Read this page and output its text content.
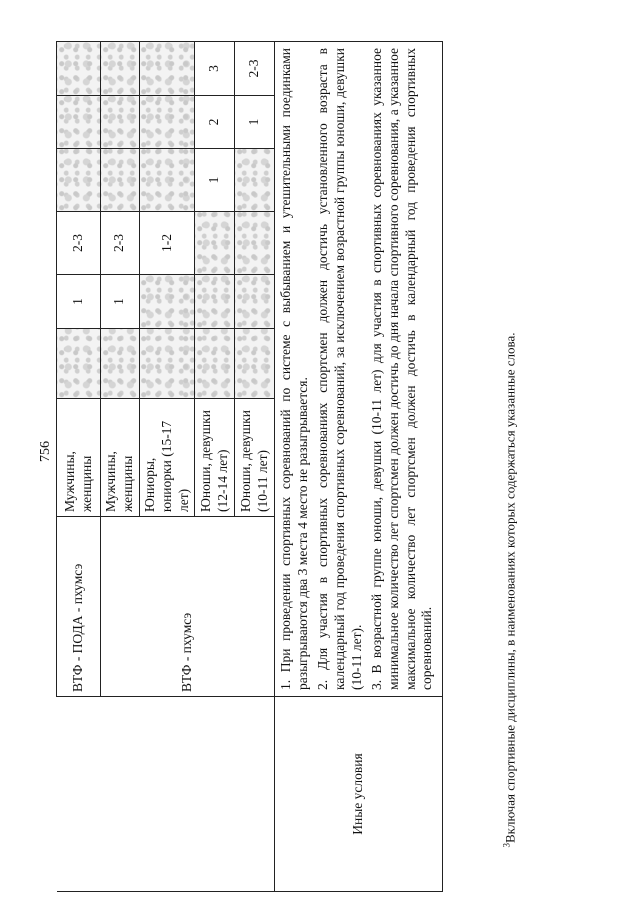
756
	ВТФ - ПОДА - пхумсэ	Мужчины, женщины		1	2-3			
	ВТФ - пхумсэ	Мужчины, женщины		1	2-3			
		Юниоры, юниорки (15-17 лет)			1-2			
		Юноши, девушки (12-14 лет)				1	2	3
		Юноши, девушки (10-11 лет)					1	2-3
Иные условия	1. При проведении спортивных соревнований по системе с выбыванием и утешительными поединками разыгрываются два 3 места 4 место не разыгрывается. 2. Для участия в спортивных соревнованиях спортсмен должен достичь установленного возраста в календарный год проведения спортивных соревнований, за исключением возрастной группы юноши, девушки (10-11 лет). 3. В возрастной группе юноши, девушки (10-11 лет) для участия в спортивных соревнованиях указанное минимальное количество лет спортсмен должен достичь до дня начала спортивного соревнования, а указанное максимальное количество лет спортсмен должен достичь в календарный год проведения спортивных соревнований.							

$^3$Включая спортивные дисциплины, в наименованиях которых содержаться указанные слова.
